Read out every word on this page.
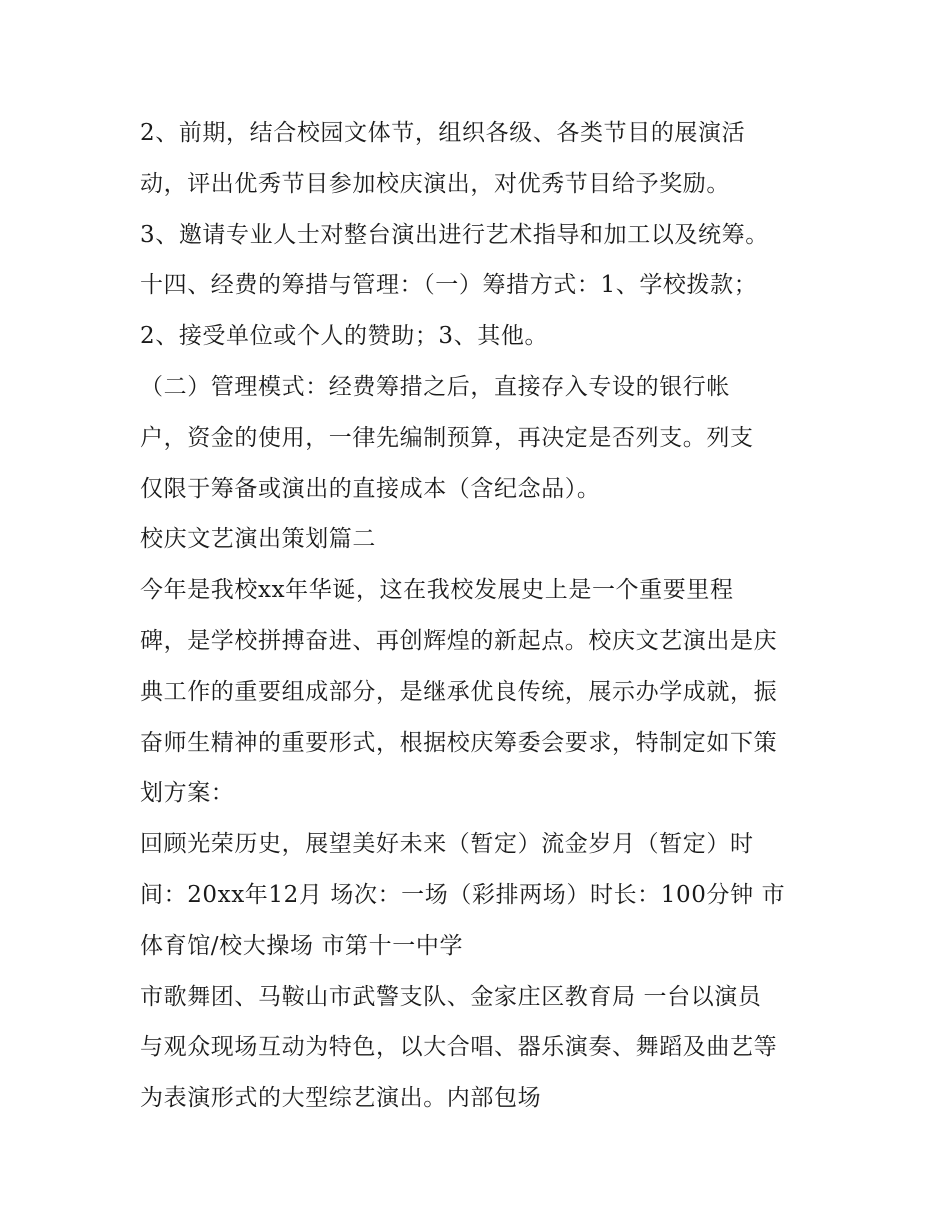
2、前期，结合校园文体节，组织各级、各类节目的展演活
动，评出优秀节目参加校庆演出，对优秀节目给予奖励。
3、邀请专业人士对整台演出进行艺术指导和加工以及统筹。
十四、经费的筹措与管理：（一）筹措方式：1、学校拨款；
2、接受单位或个人的赞助；3、其他。
（二）管理模式：经费筹措之后，直接存入专设的银行帐
户，资金的使用，一律先编制预算，再决定是否列支。列支
仅限于筹备或演出的直接成本（含纪念品）。
校庆文艺演出策划篇二
今年是我校xx年华诞，这在我校发展史上是一个重要里程
碑，是学校拼搏奋进、再创辉煌的新起点。校庆文艺演出是庆
典工作的重要组成部分，是继承优良传统，展示办学成就，振
奋师生精神的重要形式，根据校庆筹委会要求，特制定如下策
划方案：
回顾光荣历史，展望美好未来（暂定）流金岁月（暂定）时
间：20xx年12月 场次：一场（彩排两场）时长：100分钟 市
体育馆/校大操场 市第十一中学
市歌舞团、马鞍山市武警支队、金家庄区教育局 一台以演员
与观众现场互动为特色，以大合唱、器乐演奏、舞蹈及曲艺等
为表演形式的大型综艺演出。内部包场
